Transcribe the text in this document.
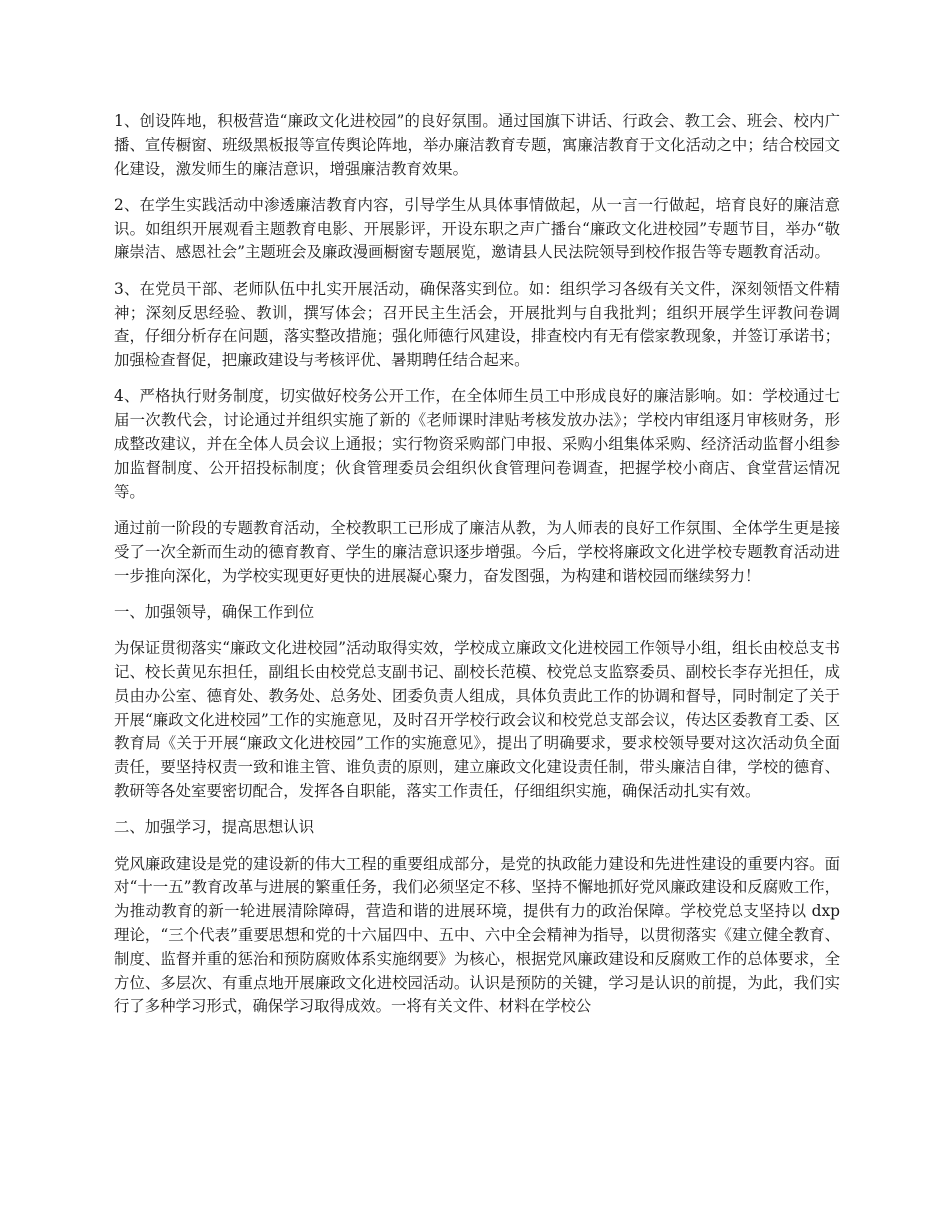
1、创设阵地，积极营造“廉政文化进校园”的良好氛围。通过国旗下讲话、行政会、教工会、班会、校内广播、宣传橱窗、班级黑板报等宣传舆论阵地，举办廉洁教育专题，寓廉洁教育于文化活动之中；结合校园文化建设，激发师生的廉洁意识，增强廉洁教育效果。

2、在学生实践活动中渗透廉洁教育内容，引导学生从具体事情做起，从一言一行做起，培育良好的廉洁意识。如组织开展观看主题教育电影、开展影评，开设东职之声广播台“廉政文化进校园”专题节目，举办“敬廉崇洁、感恩社会”主题班会及廉政漫画橱窗专题展览，邀请县人民法院领导到校作报告等专题教育活动。

3、在党员干部、老师队伍中扎实开展活动，确保落实到位。如：组织学习各级有关文件，深刻领悟文件精神；深刻反思经验、教训，撰写体会；召开民主生活会，开展批判与自我批判；组织开展学生评教问卷调查，仔细分析存在问题，落实整改措施；强化师德行风建设，排查校内有无有偿家教现象，并签订承诺书；加强检查督促，把廉政建设与考核评优、暑期聘任结合起来。

4、严格执行财务制度，切实做好校务公开工作，在全体师生员工中形成良好的廉洁影响。如：学校通过七届一次教代会，讨论通过并组织实施了新的《老师课时津贴考核发放办法》；学校内审组逐月审核财务，形成整改建议，并在全体人员会议上通报；实行物资采购部门申报、采购小组集体采购、经济活动监督小组参加监督制度、公开招投标制度；伙食管理委员会组织伙食管理问卷调查，把握学校小商店、食堂营运情况等。

通过前一阶段的专题教育活动，全校教职工已形成了廉洁从教，为人师表的良好工作氛围、全体学生更是接受了一次全新而生动的德育教育、学生的廉洁意识逐步增强。今后，学校将廉政文化进学校专题教育活动进一步推向深化，为学校实现更好更快的进展凝心聚力，奋发图强，为构建和谐校园而继续努力！

一、加强领导，确保工作到位

为保证贯彻落实“廉政文化进校园”活动取得实效，学校成立廉政文化进校园工作领导小组，组长由校总支书记、校长黄见东担任，副组长由校党总支副书记、副校长范模、校党总支监察委员、副校长李存光担任，成员由办公室、德育处、教务处、总务处、团委负责人组成，具体负责此工作的协调和督导，同时制定了关于开展“廉政文化进校园”工作的实施意见，及时召开学校行政会议和校党总支部会议，传达区委教育工委、区教育局《关于开展“廉政文化进校园”工作的实施意见》，提出了明确要求，要求校领导要对这次活动负全面责任，要坚持权责一致和谁主管、谁负责的原则，建立廉政文化建设责任制，带头廉洁自律，学校的德育、教研等各处室要密切配合，发挥各自职能，落实工作责任，仔细组织实施，确保活动扎实有效。

二、加强学习，提高思想认识

党风廉政建设是党的建设新的伟大工程的重要组成部分，是党的执政能力建设和先进性建设的重要内容。面对“十一五”教育改革与进展的繁重任务，我们必须坚定不移、坚持不懈地抓好党风廉政建设和反腐败工作，为推动教育的新一轮进展清除障碍，营造和谐的进展环境，提供有力的政治保障。学校党总支坚持以 dxp 理论，“三个代表”重要思想和党的十六届四中、五中、六中全会精神为指导，以贯彻落实《建立健全教育、制度、监督并重的惩治和预防腐败体系实施纲要》为核心，根据党风廉政建设和反腐败工作的总体要求，全方位、多层次、有重点地开展廉政文化进校园活动。认识是预防的关键，学习是认识的前提，为此，我们实行了多种学习形式，确保学习取得成效。一将有关文件、材料在学校公
